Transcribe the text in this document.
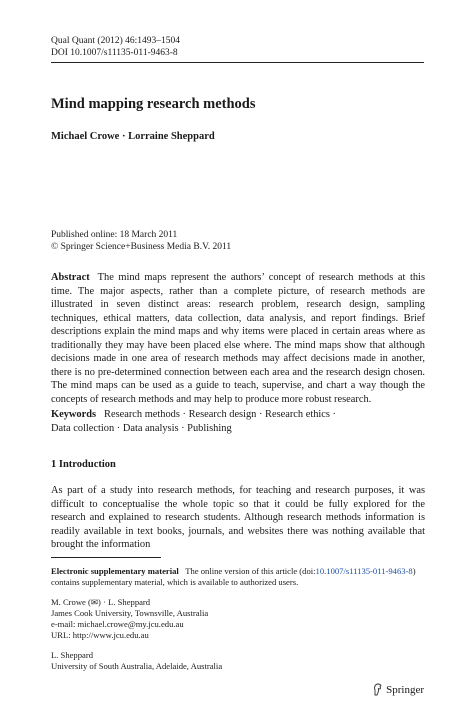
Qual Quant (2012) 46:1493–1504
DOI 10.1007/s11135-011-9463-8
Mind mapping research methods
Michael Crowe · Lorraine Sheppard
Published online: 18 March 2011
© Springer Science+Business Media B.V. 2011
Abstract The mind maps represent the authors’ concept of research methods at this time. The major aspects, rather than a complete picture, of research methods are illustrated in seven distinct areas: research problem, research design, sampling techniques, ethical matters, data collection, data analysis, and report findings. Brief descriptions explain the mind maps and why items were placed in certain areas where as traditionally they may have been placed else where. The mind maps show that although decisions made in one area of research methods may affect decisions made in another, there is no pre-determined connection between each area and the research design chosen. The mind maps can be used as a guide to teach, supervise, and chart a way though the concepts of research methods and may help to produce more robust research.
Keywords Research methods · Research design · Research ethics ·
Data collection · Data analysis · Publishing
1 Introduction
As part of a study into research methods, for teaching and research purposes, it was difficult to conceptualise the whole topic so that it could be fully explored for the research and explained to research students. Although research methods information is readily available in text books, journals, and websites there was nothing available that brought the information
Electronic supplementary material The online version of this article (doi:10.1007/s11135-011-9463-8)
contains supplementary material, which is available to authorized users.
M. Crowe (✉) · L. Sheppard
James Cook University, Townsville, Australia
e-mail: michael.crowe@my.jcu.edu.au
URL: http://www.jcu.edu.au
L. Sheppard
University of South Australia, Adelaide, Australia
Springer
